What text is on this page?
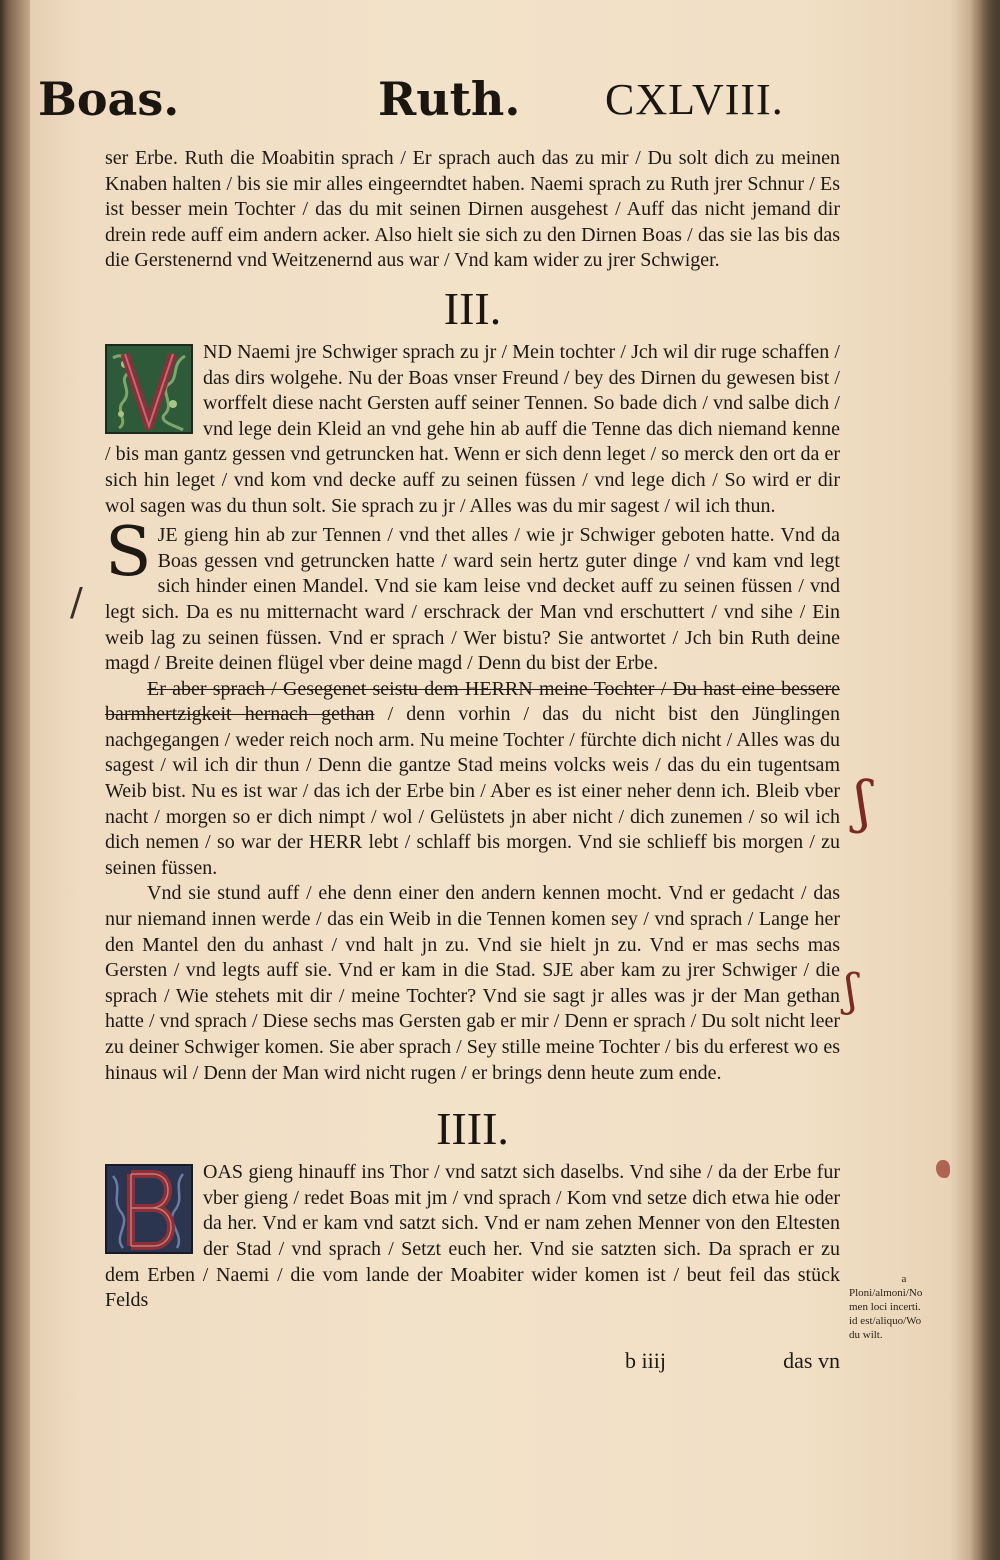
Boas.	Ruth. CXLVIII.

ser Erbe. Ruth die Moabitin sprach / Er sprach auch das zu mir / Du solt dich zu meinen Knaben halten / bis sie mir alles eingeerndtet haben. Naemi sprach zu Ruth jrer Schnur / Es ist besser mein Tochter / das du mit seinen Dirnen ausgehest / Auff das nicht jemand dir drein rede auff eim andern acker. Also hielt sie sich zu den Dirnen Boas / das sie las bis das die Gerstenernd vnd Weitzenernd aus war / Vnd kam wider zu jrer Schwiger.

III.

ND Naemi jre Schwiger sprach zu jr / Mein tochter / Jch wil dir ruge schaffen / das dirs wolgehe. Nu der Boas vnser Freund / bey des Dirnen du gewesen bist / worffelt diese nacht Gersten auff seiner Tennen. So bade dich / vnd salbe dich / vnd lege dein Kleid an vnd gehe hin ab auff die Tenne das dich niemand kenne / bis man gantz gessen vnd getruncken hat. Wenn er sich denn leget / so merck den ort da er sich hin leget / vnd kom vnd decke auff zu seinen füssen / vnd lege dich / So wird er dir wol sagen was du thun solt. Sie sprach zu jr / Alles was du mir sagest / wil ich thun.

S JE gieng hin ab zur Tennen / vnd thet alles / wie jr Schwiger geboten hatte. Vnd da Boas gessen vnd getruncken hatte / ward sein hertz guter dinge / vnd kam vnd legt sich hinder einen Mandel. Vnd sie kam leise vnd decket auff zu seinen füssen / vnd legt sich. Da es nu mitternacht ward / erschrack der Man vnd erschuttert / vnd sihe / Ein weib lag zu seinen füssen. Vnd er sprach / Wer bistu? Sie antwortet / Jch bin Ruth deine magd / Breite deinen flügel vber deine magd / Denn du bist der Erbe.

Er aber sprach / Gesegenet seistu dem HERRN meine Tochter / Du hast eine bessere barmhertzigkeit hernach gethan / denn vorhin / das du nicht bist den Jünglingen nachgegangen / weder reich noch arm. Nu meine Tochter / fürchte dich nicht / Alles was du sagest / wil ich dir thun / Denn die gantze Stad meins volcks weis / das du ein tugentsam Weib bist. Nu es ist war / das ich der Erbe bin / Aber es ist einer neher denn ich. Bleib vber nacht / morgen so er dich nimpt / wol / Gelüstets jn aber nicht / dich zunemen / so wil ich dich nemen / so war der HERR lebt / schlaff bis morgen. Vnd sie schlieff bis morgen / zu seinen füssen.

Vnd sie stund auff / ehe denn einer den andern kennen mocht. Vnd er gedacht / das nur niemand innen werde / das ein Weib in die Tennen komen sey / vnd sprach / Lange her den Mantel den du anhast / vnd halt jn zu. Vnd sie hielt jn zu. Vnd er mas sechs mas Gersten / vnd legts auff sie. Vnd er kam in die Stad. SJE aber kam zu jrer Schwiger / die sprach / Wie stehets mit dir / meine Tochter? Vnd sie sagt jr alles was jr der Man gethan hatte / vnd sprach / Diese sechs mas Gersten gab er mir / Denn er sprach / Du solt nicht leer zu deiner Schwiger komen. Sie aber sprach / Sey stille meine Tochter / bis du erferest wo es hinaus wil / Denn der Man wird nicht rugen / er brings denn heute zum ende.

IIII.

OAS gieng hinauff ins Thor / vnd satzt sich daselbs. Vnd sihe / da der Erbe fur vber gieng / redet Boas mit jm / vnd sprach / Kom vnd setze dich etwa hie oder da her. Vnd er kam vnd satzt sich. Vnd er nam zehen Menner von den Eltesten der Stad / vnd sprach / Setzt euch her. Vnd sie satzten sich. Da sprach er zu dem Erben / Naemi / die vom lande der Moabiter wider komen ist / beut feil das stück Felds

a
Ploni/almoni/No
men loci incerti.
id est/aliquo/Wo
du wilt.
/
ʃ
ʃ
b iiij	das vn
